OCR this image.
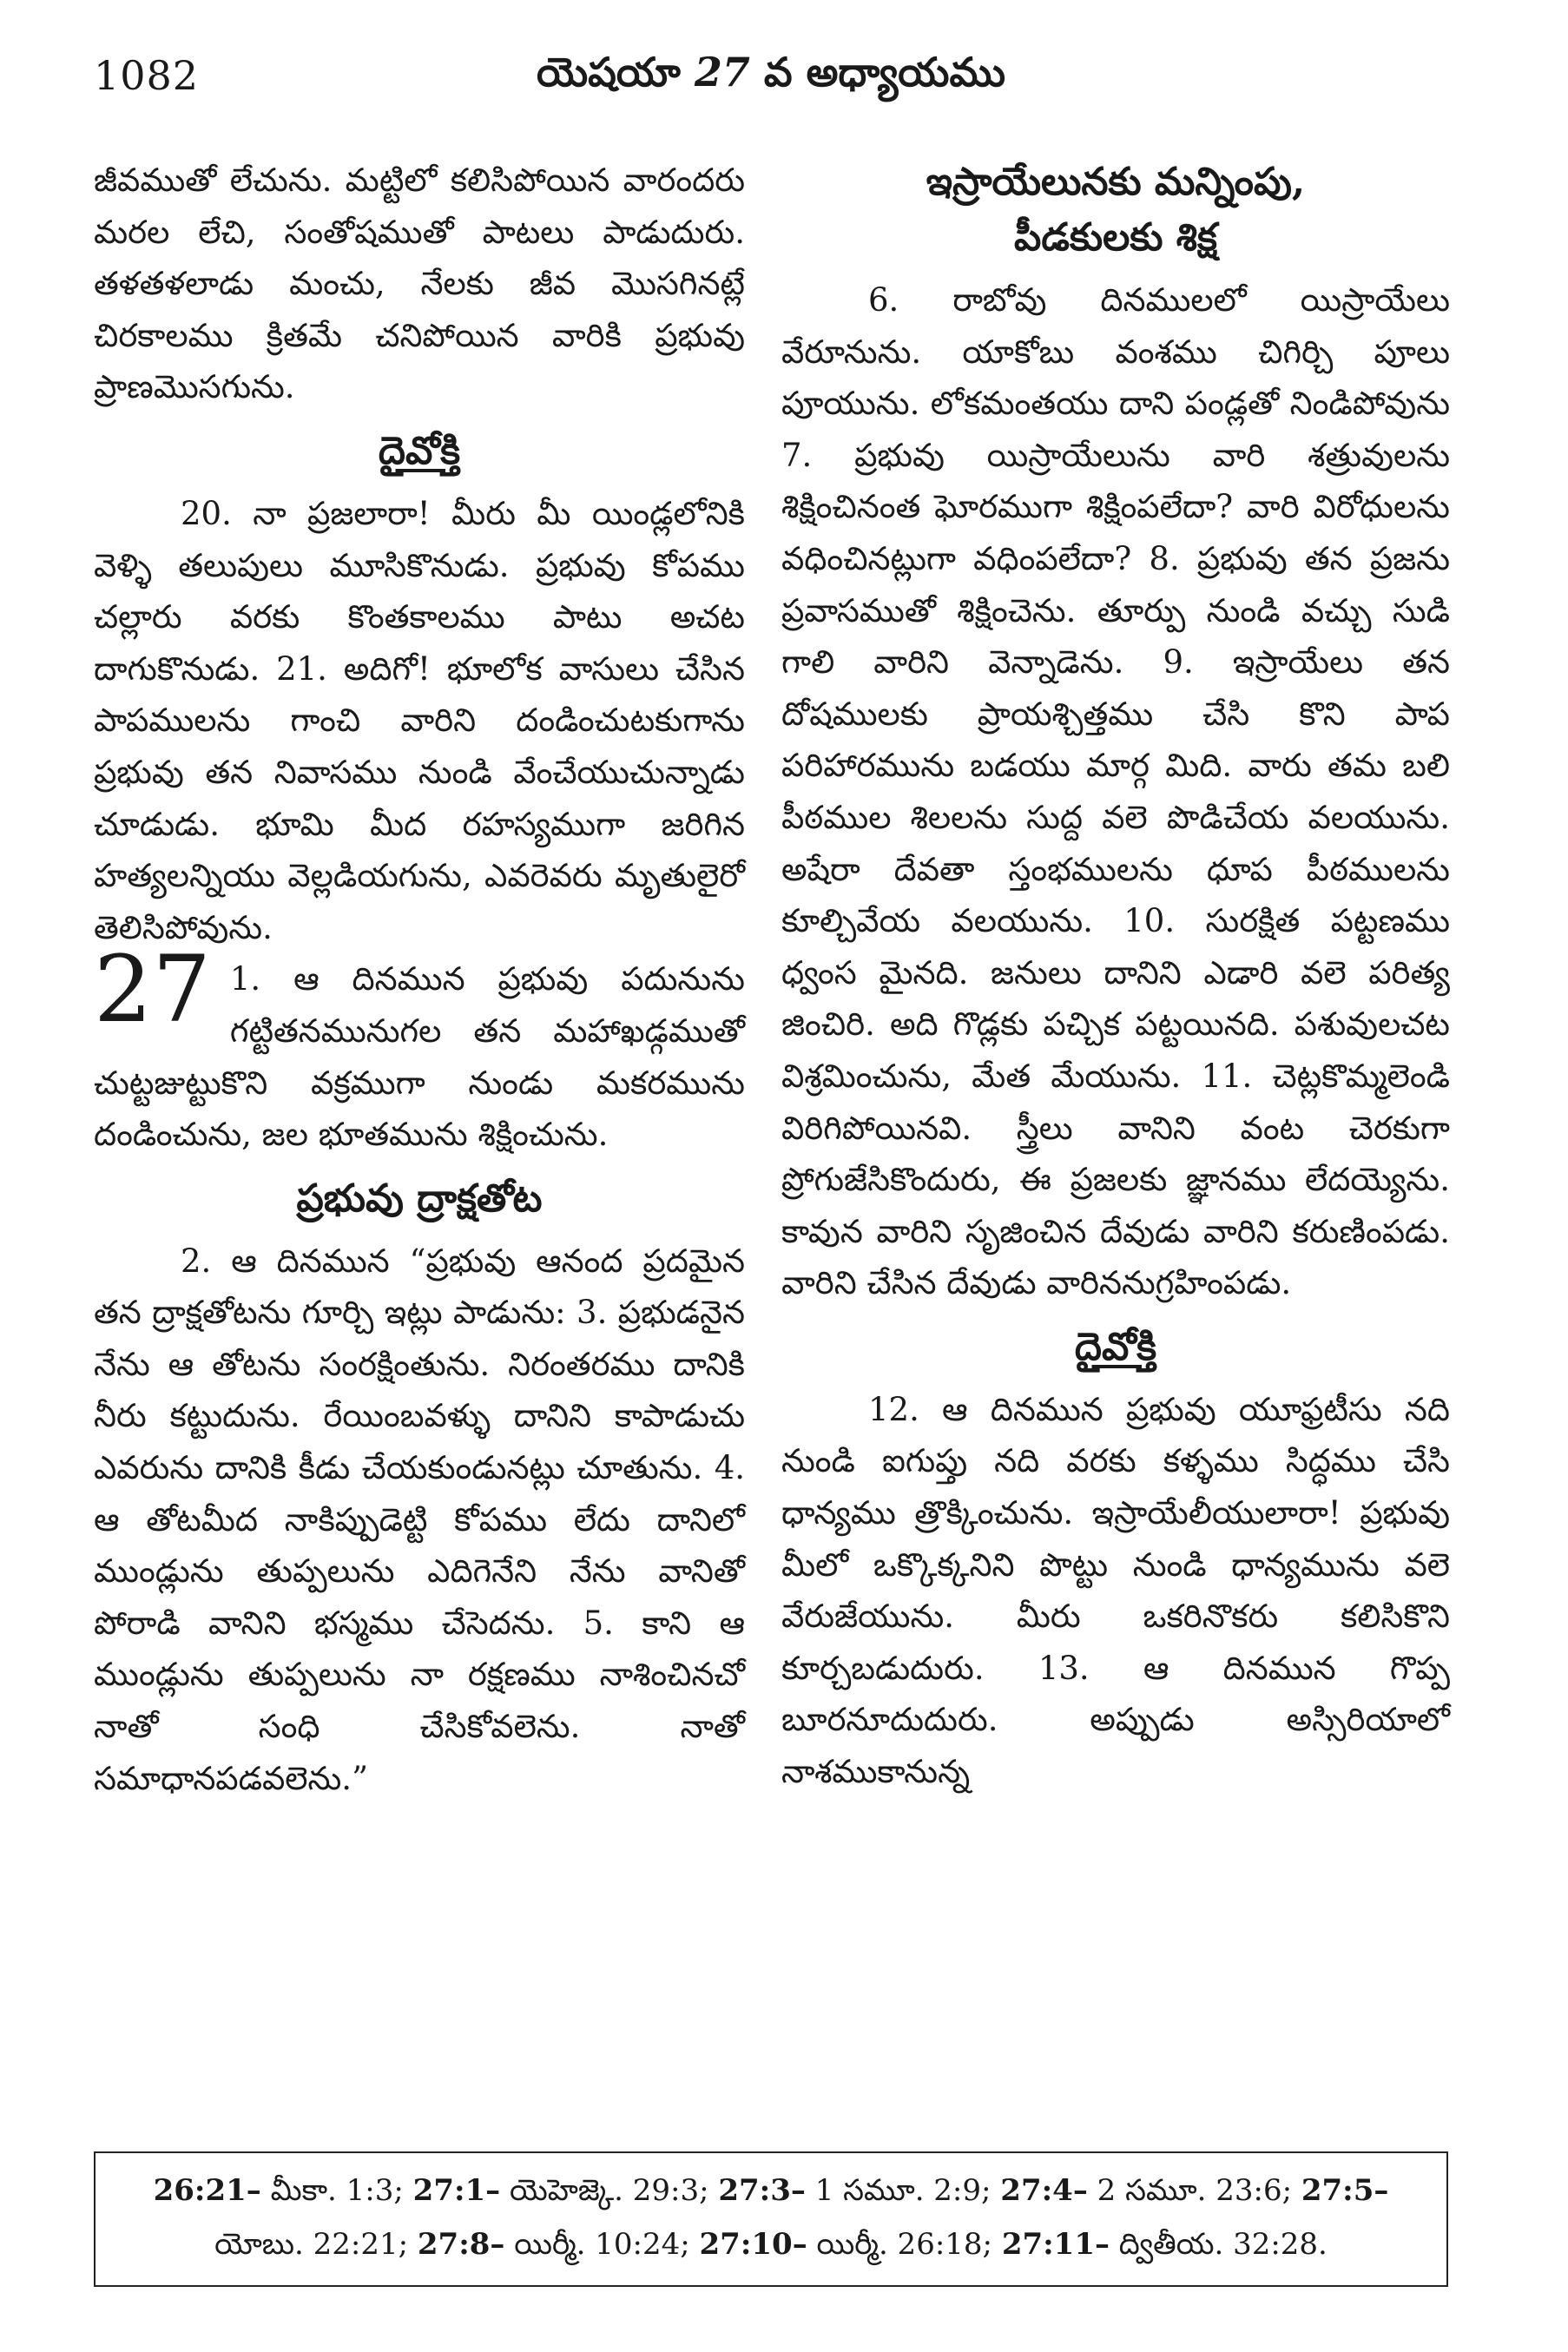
1082	యెషయా 27 వ అధ్యాయము

జీవముతో లేచును. మట్టిలో కలిసిపోయిన వారందరు మరల లేచి, సంతోషముతో పాటలు పాడుదురు. తళతళలాడు మంచు, నేలకు జీవ మొసగినట్లే చిరకాలము క్రితమే చనిపోయిన వారికి ప్రభువు ప్రాణమొసగును.

దైవోక్తి

20. నా ప్రజలారా! మీరు మీ యిండ్లలోనికి వెళ్ళి తలుపులు మూసికొనుడు. ప్రభువు కోపము చల్లారు వరకు కొంతకాలము పాటు అచట దాగుకొనుడు. 21. అదిగో! భూలోక వాసులు చేసిన పాపములను గాంచి వారిని దండించుటకుగాను ప్రభువు తన నివాసము నుండి వేంచేయుచున్నాడు చూడుడు. భూమి మీద రహస్యముగా జరిగిన హత్యలన్నియు వెల్లడియగును, ఎవరెవరు మృతులైరో తెలిసిపోవును.

27 1. ఆ దినమున ప్రభువు పదునును గట్టితనమునుగల తన మహాఖడ్గముతో చుట్టజుట్టుకొని వక్రముగా నుండు మకరమును దండించును, జల భూతమును శిక్షించును.

ప్రభువు ద్రాక్షతోట

2. ఆ దినమున “ప్రభువు ఆనంద ప్రదమైన తన ద్రాక్షతోటను గూర్చి ఇట్లు పాడును: 3. ప్రభుడనైన నేను ఆ తోటను సంరక్షింతును. నిరంతరము దానికి నీరు కట్టుదును. రేయింబవళ్ళు దానిని కాపాడుచు ఎవరును దానికి కీడు చేయకుండునట్లు చూతును. 4. ఆ తోటమీద నాకిప్పుడెట్టి కోపము లేదు దానిలో ముండ్లును తుప్పలును ఎదిగెనేని నేను వానితో పోరాడి వానిని భస్మము చేసెదను. 5. కాని ఆ ముండ్లును తుప్పలును నా రక్షణము నాశించినచో నాతో సంధి చేసికోవలెను. నాతో సమాధానపడవలెను.”

ఇస్రాయేలునకు మన్నింపు,
పీడకులకు శిక్ష

6. రాబోవు దినములలో యిస్రాయేలు వేరూనును. యాకోబు వంశము చిగిర్చి పూలు పూయును. లోకమంతయు దాని పండ్లతో నిండిపోవును 7. ప్రభువు యిస్రాయేలును వారి శత్రువులను శిక్షించినంత ఘోరముగా శిక్షింపలేదా? వారి విరోధులను వధించినట్లుగా వధింపలేదా? 8. ప్రభువు తన ప్రజను ప్రవాసముతో శిక్షించెను. తూర్పు నుండి వచ్చు సుడి గాలి వారిని వెన్నాడెను. 9. ఇస్రాయేలు తన దోషములకు ప్రాయశ్చిత్తము చేసి కొని పాప పరిహారమును బడయు మార్గ మిది. వారు తమ బలి పీఠముల శిలలను సుద్ద వలె పొడిచేయ వలయును. అషేరా దేవతా స్తంభములను ధూప పీఠములను కూల్చివేయ వలయును. 10. సురక్షిత పట్టణము ధ్వంస మైనది. జనులు దానిని ఎడారి వలె పరిత్య జించిరి. అది గొడ్లకు పచ్చిక పట్టయినది. పశువులచట విశ్రమించును, మేత మేయును. 11. చెట్లకొమ్మలెండి విరిగిపోయినవి. స్త్రీలు వానిని వంట చెరకుగా ప్రోగుజేసికొందురు, ఈ ప్రజలకు జ్ఞానము లేదయ్యెను. కావున వారిని సృజించిన దేవుడు వారిని కరుణింపడు. వారిని చేసిన దేవుడు వారిననుగ్రహింపడు.

దైవోక్తి

12. ఆ దినమున ప్రభువు యూఫ్రటీసు నది నుండి ఐగుప్తు నది వరకు కళ్ళము సిద్ధము చేసి ధాన్యము త్రొక్కించును. ఇస్రాయేలీయులారా! ప్రభువు మీలో ఒక్కొక్కనిని పొట్టు నుండి ధాన్యమును వలె వేరుజేయును. మీరు ఒకరినొకరు కలిసికొని కూర్చబడుదురు. 13. ఆ దినమున గొప్ప బూరనూదుదురు. అప్పుడు అస్సిరియాలో నాశముకానున్న

26:21– మీకా. 1:3; 27:1– యెహెజ్కె. 29:3; 27:3– 1 సమూ. 2:9; 27:4– 2 సమూ. 23:6; 27:5–
యోబు. 22:21; 27:8– యిర్మీ. 10:24; 27:10– యిర్మీ. 26:18; 27:11– ద్వితీయ. 32:28.
